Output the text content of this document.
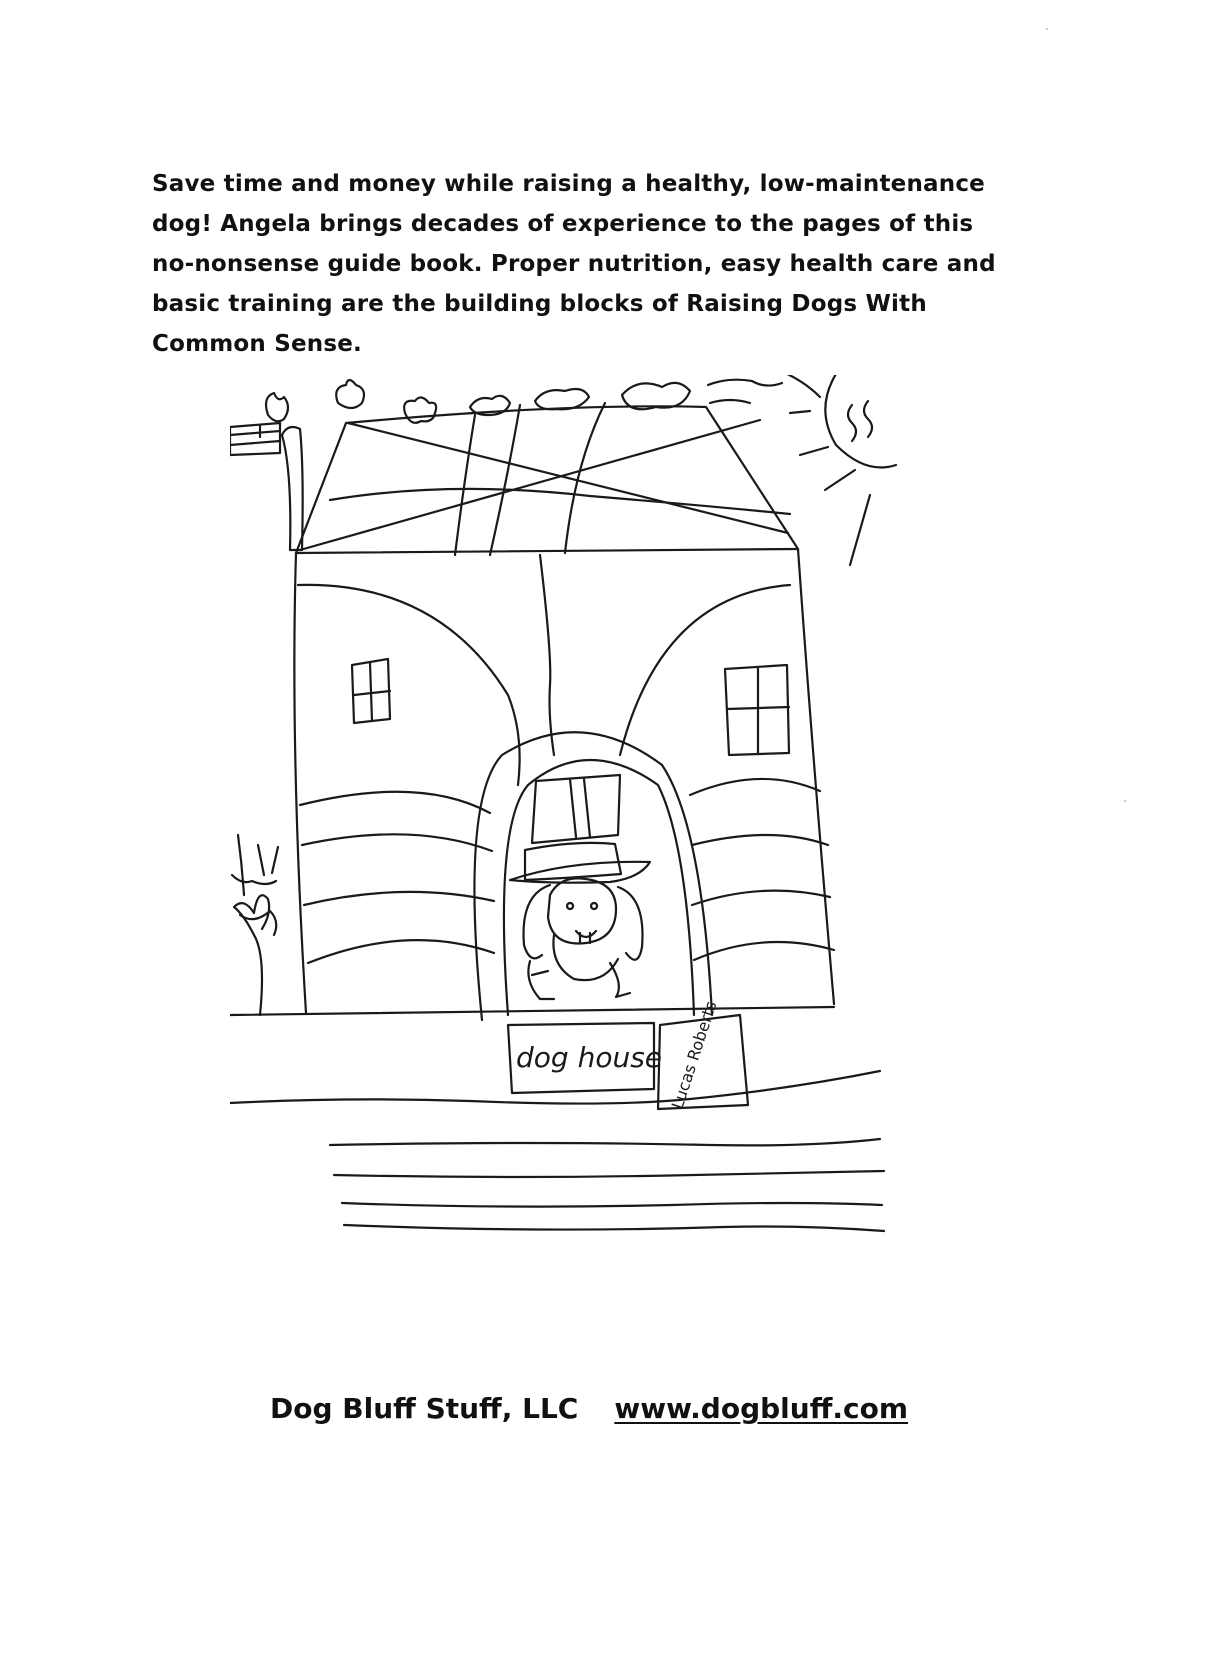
Save time and money while raising a healthy, low-maintenance
dog! Angela brings decades of experience to the pages of this
no-nonsense guide book. Proper nutrition, easy health care and
basic training are the building blocks of Raising Dogs With
Common Sense.
dog house Lucas Roberts
Dog Bluff Stuff, LLC www.dogbluff.com
